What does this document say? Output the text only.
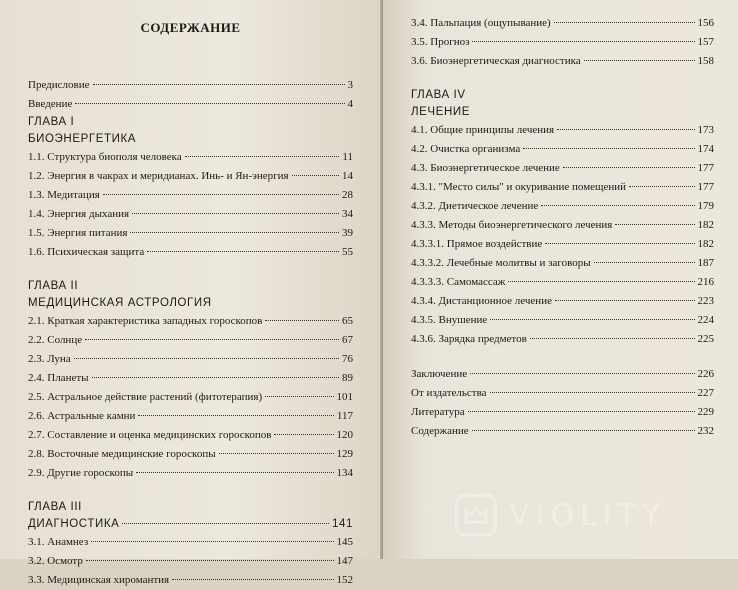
СОДЕРЖАНИЕ
Предисловие	3
Введение	4
ГЛАВА I
БИОЭНЕРГЕТИКА
1.1. Структура биополя человека	11
1.2. Энергия в чакрах и меридианах. Инь- и Ян-энергия	14
1.3. Медитация	28
1.4. Энергия дыхания	34
1.5. Энергия питания	39
1.6. Психическая защита	55
ГЛАВА II
МЕДИЦИНСКАЯ АСТРОЛОГИЯ
2.1. Краткая характеристика западных гороскопов	65
2.2. Солнце	67
2.3. Луна	76
2.4. Планеты	89
2.5. Астральное действие растений (фитотерапия)	101
2.6. Астральные камни	117
2.7. Составление и оценка медицинских гороскопов	120
2.8. Восточные медицинские гороскопы	129
2.9. Другие гороскопы	134
ГЛАВА III
ДИАГНОСТИКА	141
3.1. Анамнез	145
3.2. Осмотр	147
3.3. Медицинская хиромантия	152
3.4. Пальпация (ощупывание)	156
3.5. Прогноз	157
3.6. Биоэнергетическая диагностика	158
ГЛАВА IV
ЛЕЧЕНИЕ
4.1. Общие принципы лечения	173
4.2. Очистка организма	174
4.3. Биоэнергетическое лечение	177
4.3.1. "Место силы" и окуривание помещений	177
4.3.2. Диетическое лечение	179
4.3.3. Методы биоэнергетического лечения	182
4.3.3.1. Прямое воздействие	182
4.3.3.2. Лечебные молитвы и заговоры	187
4.3.3.3. Самомассаж	216
4.3.4. Дистанционное лечение	223
4.3.5. Внушение	224
4.3.6. Зарядка предметов	225
Заключение	226
От издательства	227
Литература	229
Содержание	232
VIOLITY
